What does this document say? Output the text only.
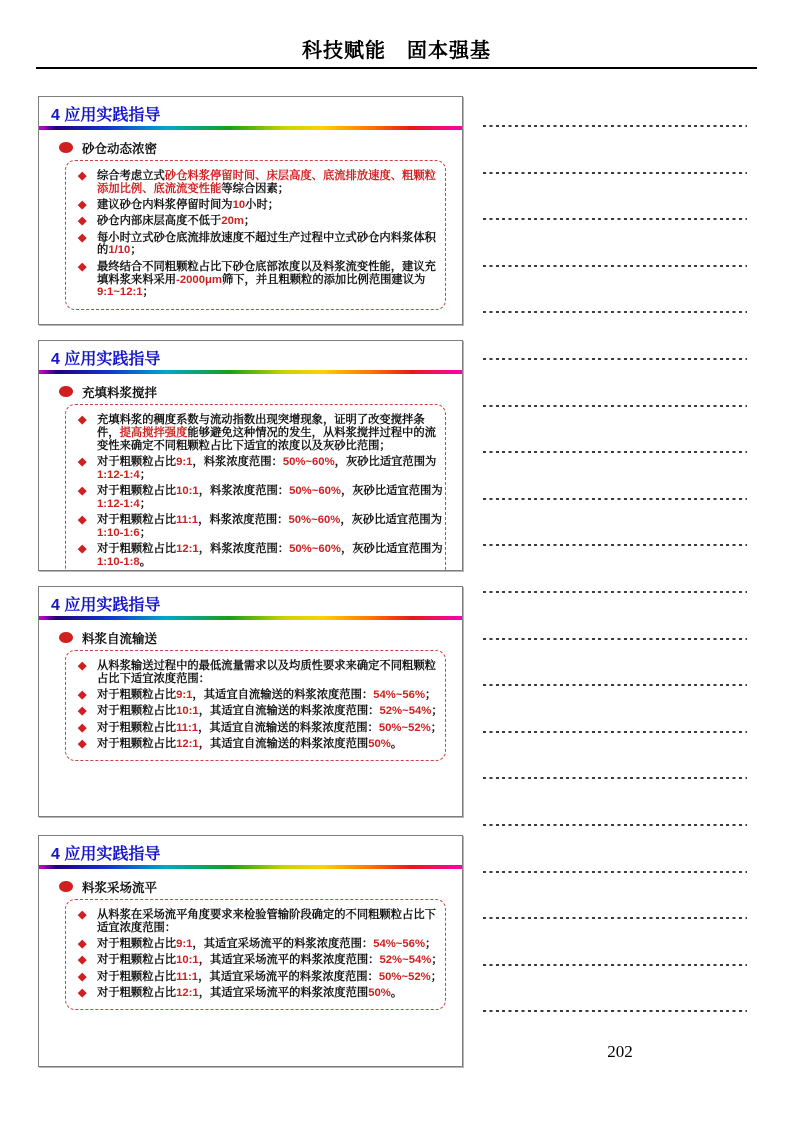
科技赋能　固本强基
4 应用实践指导
砂仓动态浓密
◆ 综合考虑立式砂仓料浆停留时间、床层高度、底流排放速度、粗颗粒添加比例、底流流变性能等综合因素；
◆ 建议砂仓内料浆停留时间为10小时；
◆ 砂仓内部床层高度不低于20m；
◆ 每小时立式砂仓底流排放速度不超过生产过程中立式砂仓内料浆体积的1/10；
◆ 最终结合不同粗颗粒占比下砂仓底部浓度以及料浆流变性能，建议充填料浆来料采用-2000μm筛下，并且粗颗粒的添加比例范围建议为9:1~12:1；
4 应用实践指导
充填料浆搅拌
◆ 充填料浆的稠度系数与流动指数出现突增现象，证明了改变搅拌条件，提高搅拌强度能够避免这种情况的发生，从料浆搅拌过程中的流变性来确定不同粗颗粒占比下适宜的浓度以及灰砂比范围；
◆ 对于粗颗粒占比9:1，料浆浓度范围：50%~60%，灰砂比适宜范围为1:12-1:4；
◆ 对于粗颗粒占比10:1，料浆浓度范围：50%~60%，灰砂比适宜范围为1:12-1:4；
◆ 对于粗颗粒占比11:1，料浆浓度范围：50%~60%，灰砂比适宜范围为1:10-1:6；
◆ 对于粗颗粒占比12:1，料浆浓度范围：50%~60%，灰砂比适宜范围为1:10-1:8。
4 应用实践指导
料浆自流输送
◆ 从料浆输送过程中的最低流量需求以及均质性要求来确定不同粗颗粒占比下适宜浓度范围：
◆ 对于粗颗粒占比9:1，其适宜自流输送的料浆浓度范围：54%~56%；
◆ 对于粗颗粒占比10:1，其适宜自流输送的料浆浓度范围：52%~54%；
◆ 对于粗颗粒占比11:1，其适宜自流输送的料浆浓度范围：50%~52%；
◆ 对于粗颗粒占比12:1，其适宜自流输送的料浆浓度范围50%。
4 应用实践指导
料浆采场流平
◆ 从料浆在采场流平角度要求来检验管输阶段确定的不同粗颗粒占比下适宜浓度范围：
◆ 对于粗颗粒占比9:1，其适宜采场流平的料浆浓度范围：54%~56%；
◆ 对于粗颗粒占比10:1，其适宜采场流平的料浆浓度范围：52%~54%；
◆ 对于粗颗粒占比11:1，其适宜采场流平的料浆浓度范围：50%~52%；
◆ 对于粗颗粒占比12:1，其适宜采场流平的料浆浓度范围50%。
202
